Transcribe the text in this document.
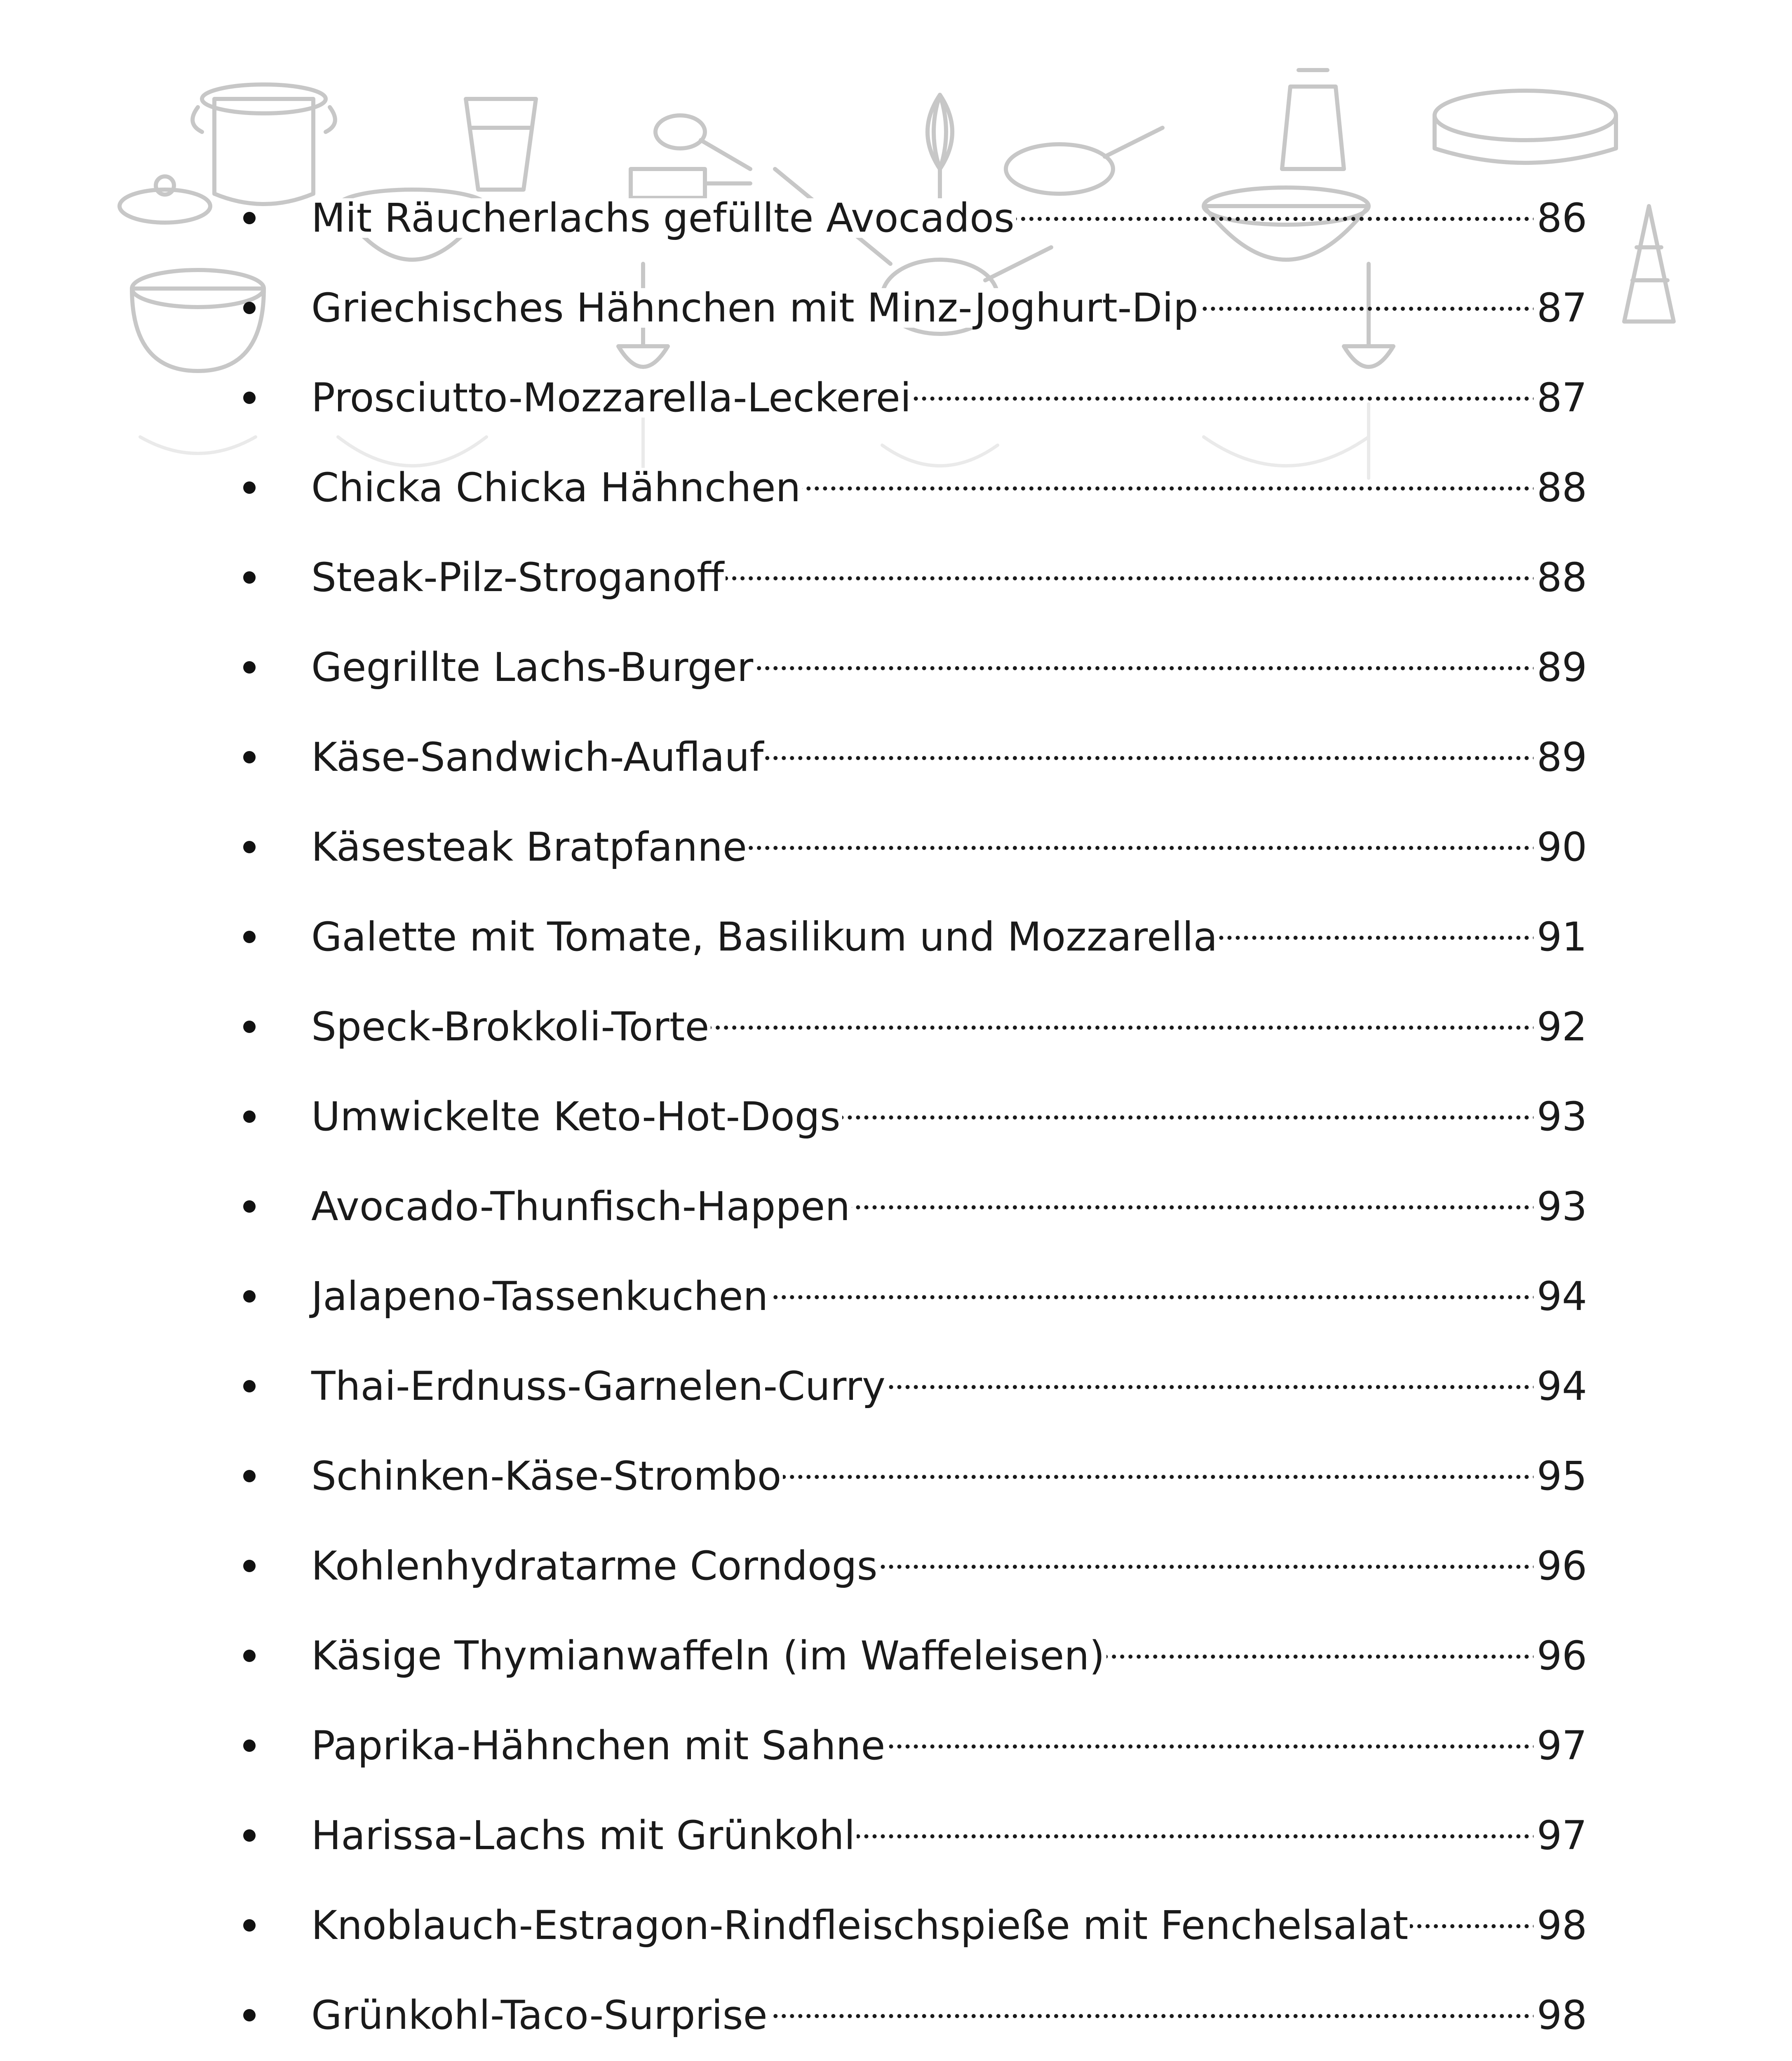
Mit Räucherlachs gefüllte Avocados	86
Griechisches Hähnchen mit Minz-Joghurt-Dip	87
Prosciutto-Mozzarella-Leckerei	87
Chicka Chicka Hähnchen	88
Steak-Pilz-Stroganoff	88
Gegrillte Lachs-Burger	89
Käse-Sandwich-Auflauf	89
Käsesteak Bratpfanne	90
Galette mit Tomate, Basilikum und Mozzarella	91
Speck-Brokkoli-Torte	92
Umwickelte Keto-Hot-Dogs	93
Avocado-Thunfisch-Happen	93
Jalapeno-Tassenkuchen	94
Thai-Erdnuss-Garnelen-Curry	94
Schinken-Käse-Strombo	95
Kohlenhydratarme Corndogs	96
Käsige Thymianwaffeln (im Waffeleisen)	96
Paprika-Hähnchen mit Sahne	97
Harissa-Lachs mit Grünkohl	97
Knoblauch-Estragon-Rindfleischspieße mit Fenchelsalat	98
Grünkohl-Taco-Surprise	98
